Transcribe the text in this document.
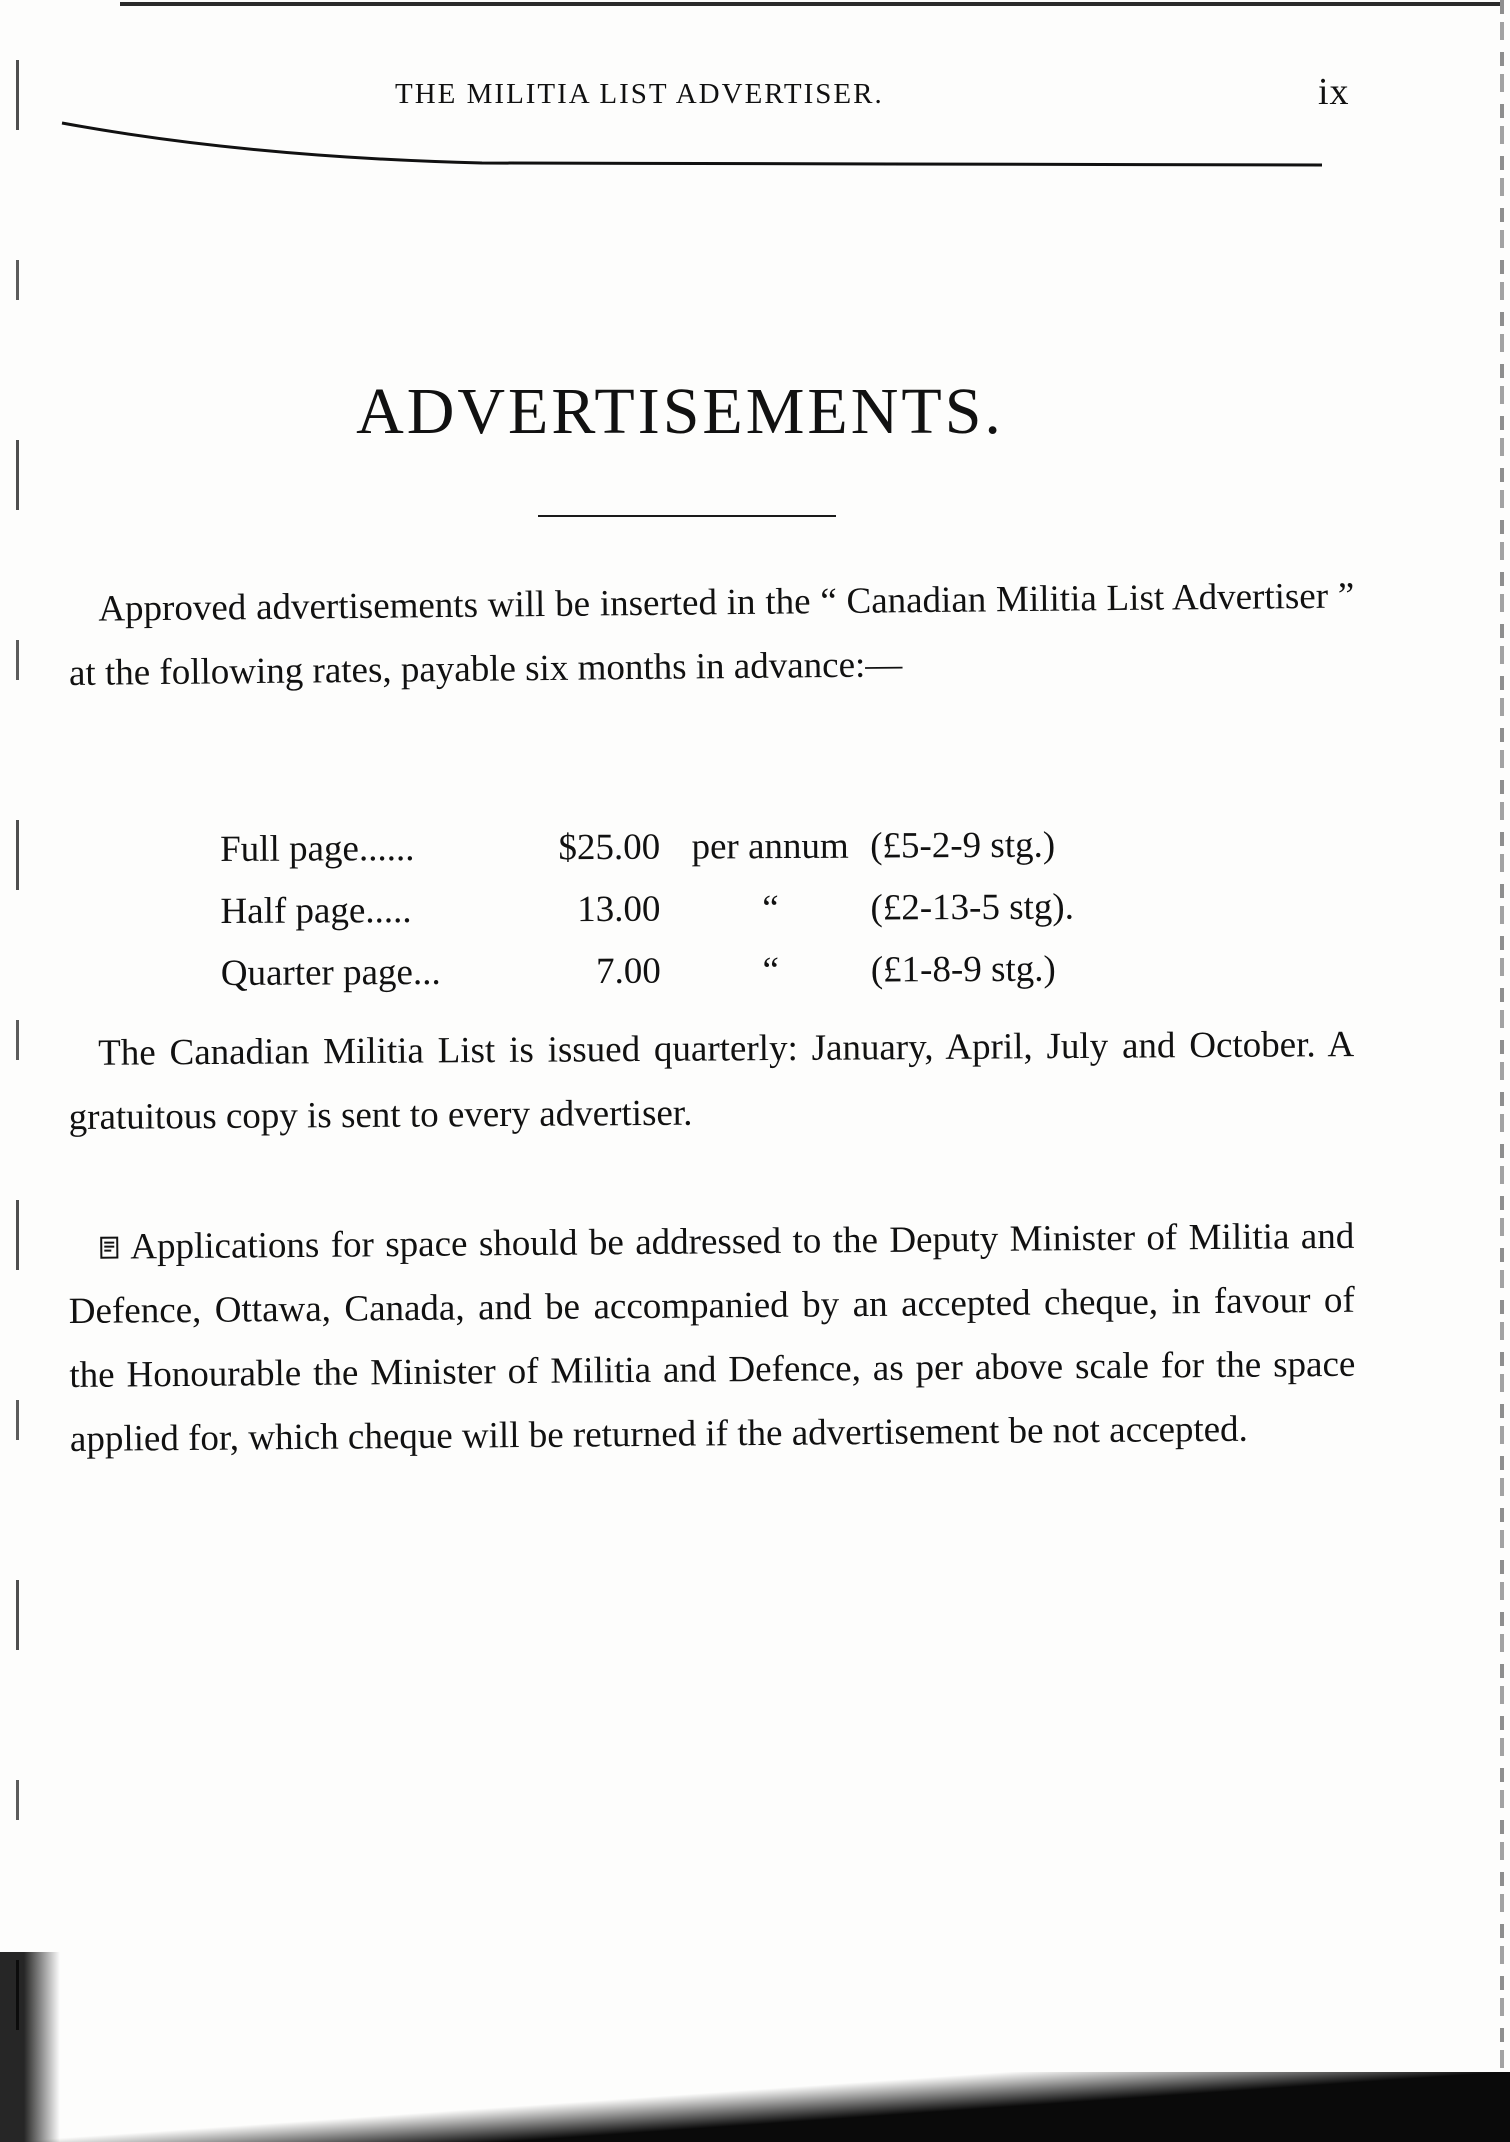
THE MILITIA LIST ADVERTISER.	ix
ADVERTISEMENTS.

Approved advertisements will be inserted in the “ Canadian Militia List Advertiser ” at the following rates, payable six months in advance:—

Full page......	$25.00	per annum	(£5-2-9 stg.)
Half page.....	13.00	“	(£2-13-5 stg).
Quarter page...	7.00	“	(£1-8-9 stg.)

The Canadian Militia List is issued quarterly: January, April, July and October. A gratuitous copy is sent to every advertiser.

Applications for space should be addressed to the Deputy Minister of Militia and Defence, Ottawa, Canada, and be accompanied by an accepted cheque, in favour of the Honourable the Minister of Militia and Defence, as per above scale for the space applied for, which cheque will be returned if the advertisement be not accepted.
